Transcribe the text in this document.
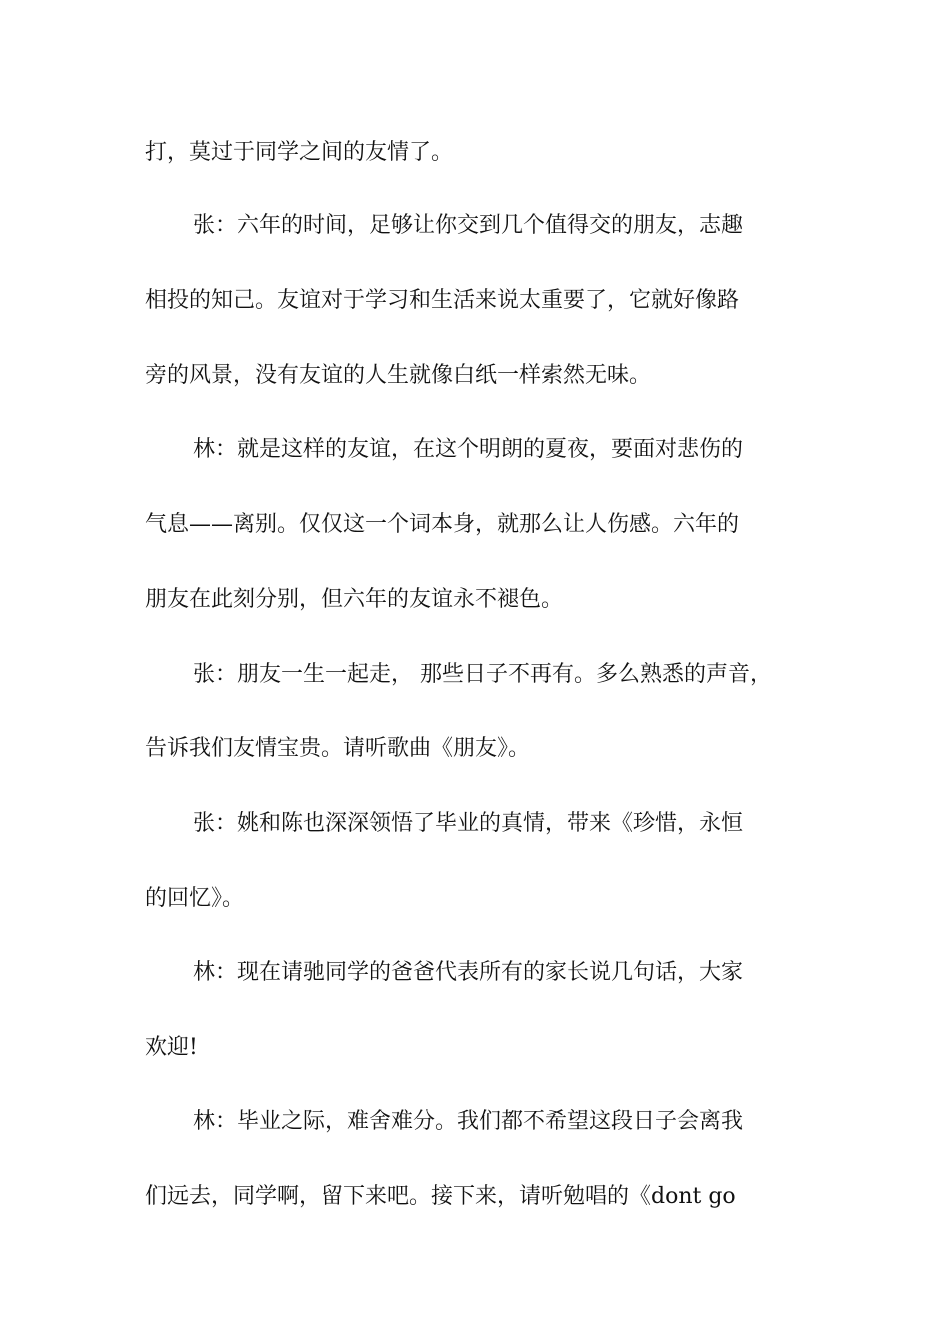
打，莫过于同学之间的友情了。
张：六年的时间，足够让你交到几个值得交的朋友，志趣
相投的知己。友谊对于学习和生活来说太重要了，它就好像路
旁的风景，没有友谊的人生就像白纸一样索然无味。
林：就是这样的友谊，在这个明朗的夏夜，要面对悲伤的
气息——离别。仅仅这一个词本身，就那么让人伤感。六年的
朋友在此刻分别，但六年的友谊永不褪色。
张：朋友一生一起走， 那些日子不再有。多么熟悉的声音，
告诉我们友情宝贵。请听歌曲《朋友》。
张：姚和陈也深深领悟了毕业的真情，带来《珍惜，永恒
的回忆》。
林：现在请驰同学的爸爸代表所有的家长说几句话，大家
欢迎!
林：毕业之际，难舍难分。我们都不希望这段日子会离我
们远去，同学啊，留下来吧。接下来，请听勉唱的《dont go
